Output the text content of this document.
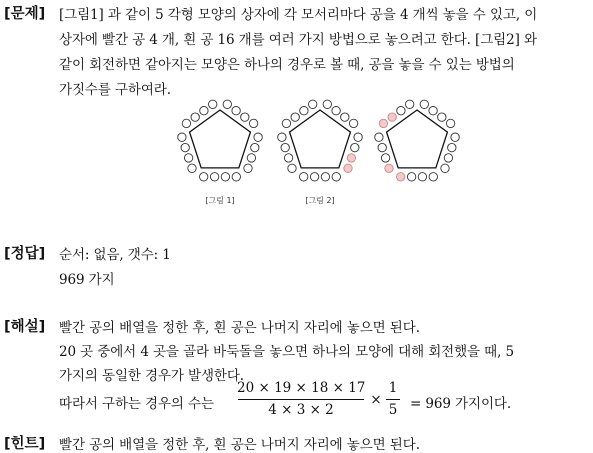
[문제] [그림1] 과 같이 5 각형 모양의 상자에 각 모서리마다 공을 4 개씩 놓을 수 있고, 이
상자에 빨간 공 4 개, 흰 공 16 개를 여러 가지 방법으로 놓으려고 한다. [그림2] 와
같이 회전하면 같아지는 모양은 하나의 경우로 볼 때, 공을 놓을 수 있는 방법의
가짓수를 구하여라.
[그림 1]	[그림 2]
[정답] 순서: 없음, 갯수: 1
969 가지
[해설] 빨간 공의 배열을 정한 후, 흰 공은 나머지 자리에 놓으면 된다.
20 곳 중에서 4 곳을 골라 바둑돌을 놓으면 하나의 모양에 대해 회전했을 때, 5
가지의 동일한 경우가 발생한다.
따라서 구하는 경우의 수는
20 × 19 × 18 × 17
4 × 3 × 2
×
1
5 = 969 가지이다.
[힌트] 빨간 공의 배열을 정한 후, 흰 공은 나머지 자리에 놓으면 된다.
